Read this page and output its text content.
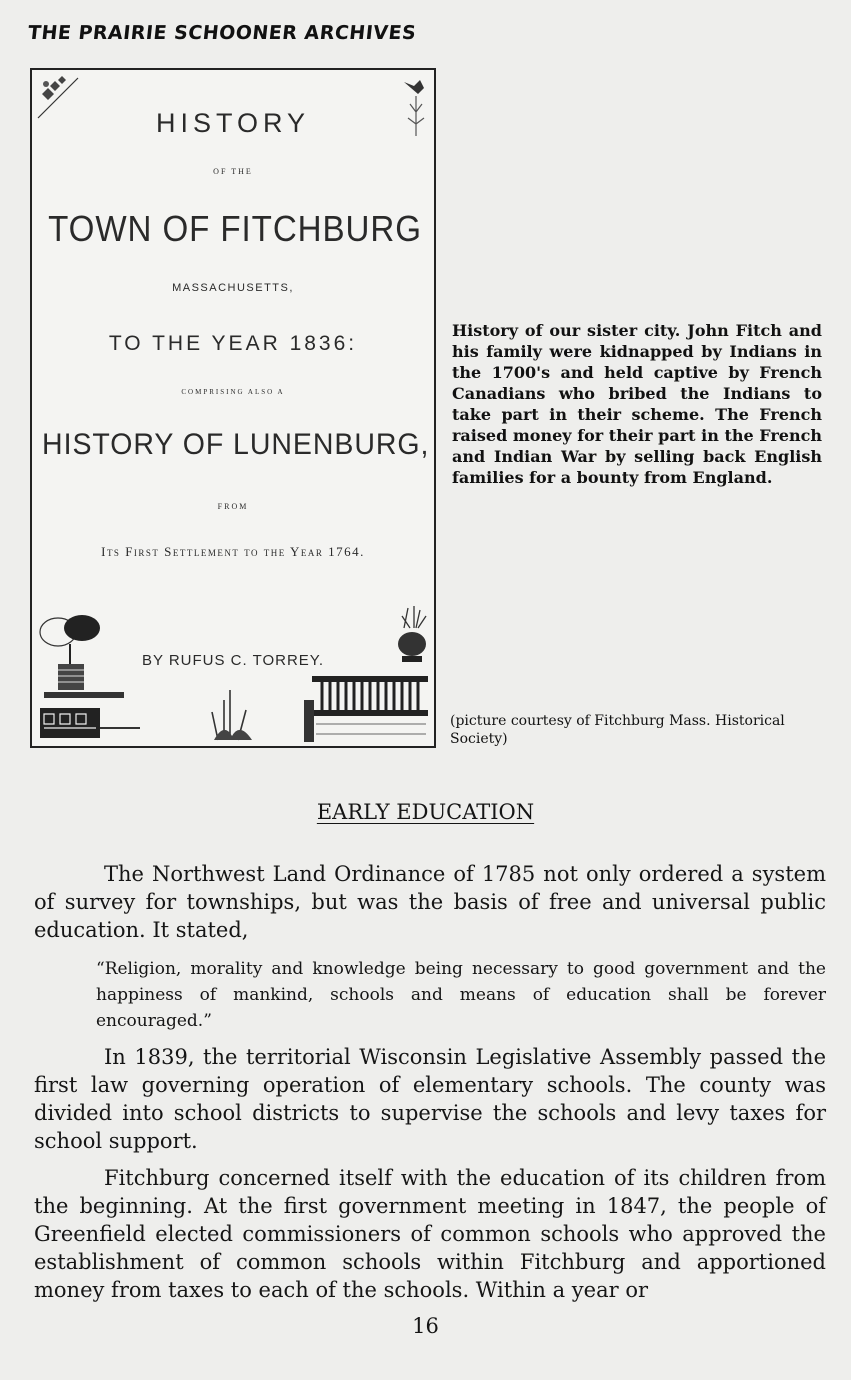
THE PRAIRIE SCHOONER ARCHIVES
HISTORY
OF THE
TOWN OF FITCHBURG
MASSACHUSETTS,
TO THE YEAR 1836:
COMPRISING ALSO A
HISTORY OF LUNENBURG,
FROM
Its First Settlement to the Year 1764.
BY RUFUS C. TORREY.
History of our sister city. John Fitch and his family were kidnapped by Indians in the 1700's and held captive by French Canadians who bribed the Indians to take part in their scheme. The French raised money for their part in the French and Indian War by selling back English families for a bounty from England.
(picture courtesy of Fitchburg Mass. Historical Society)
EARLY EDUCATION

The Northwest Land Ordinance of 1785 not only ordered a system of survey for townships, but was the basis of free and universal public education. It stated,

“Religion, morality and knowledge being necessary to good government and the happiness of mankind, schools and means of education shall be forever encouraged.”

In 1839, the territorial Wisconsin Legislative Assembly passed the first law governing operation of elementary schools. The county was divided into school districts to supervise the schools and levy taxes for school support.

Fitchburg concerned itself with the education of its children from the beginning. At the first government meeting in 1847, the people of Greenfield elected commissioners of common schools who approved the establishment of common schools within Fitchburg and apportioned money from taxes to each of the schools. Within a year or

16
